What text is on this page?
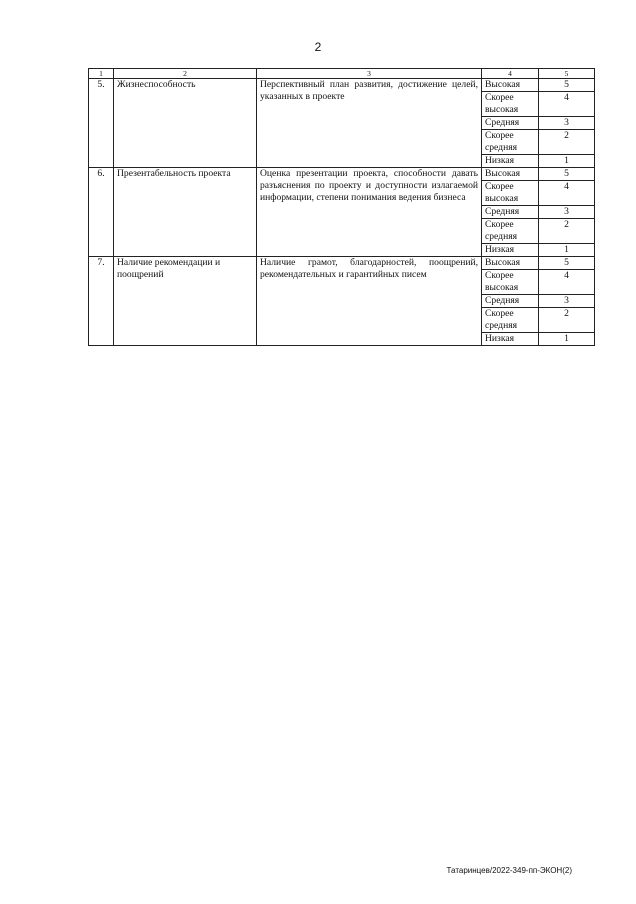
2
1	2	3	4	5
5.	Жизнеспособность	Перспективный план развития, достижение целей, указанных в проекте	Высокая	5
			Скорее высокая	4
			Средняя	3
			Скорее средняя	2
			Низкая	1
6.	Презентабельность проекта	Оценка презентации проекта, способности давать разъяснения по проекту и доступности излагаемой информации, степени понимания ведения бизнеса	Высокая	5
			Скорее высокая	4
			Средняя	3
			Скорее средняя	2
			Низкая	1
7.	Наличие рекомендации и поощрений	Наличие грамот, благодарностей, поощрений, рекомендательных и гарантийных писем	Высокая	5
			Скорее высокая	4
			Средняя	3
			Скорее средняя	2
			Низкая	1
Татаринцев/2022-349-пп-ЭКОН(2)
